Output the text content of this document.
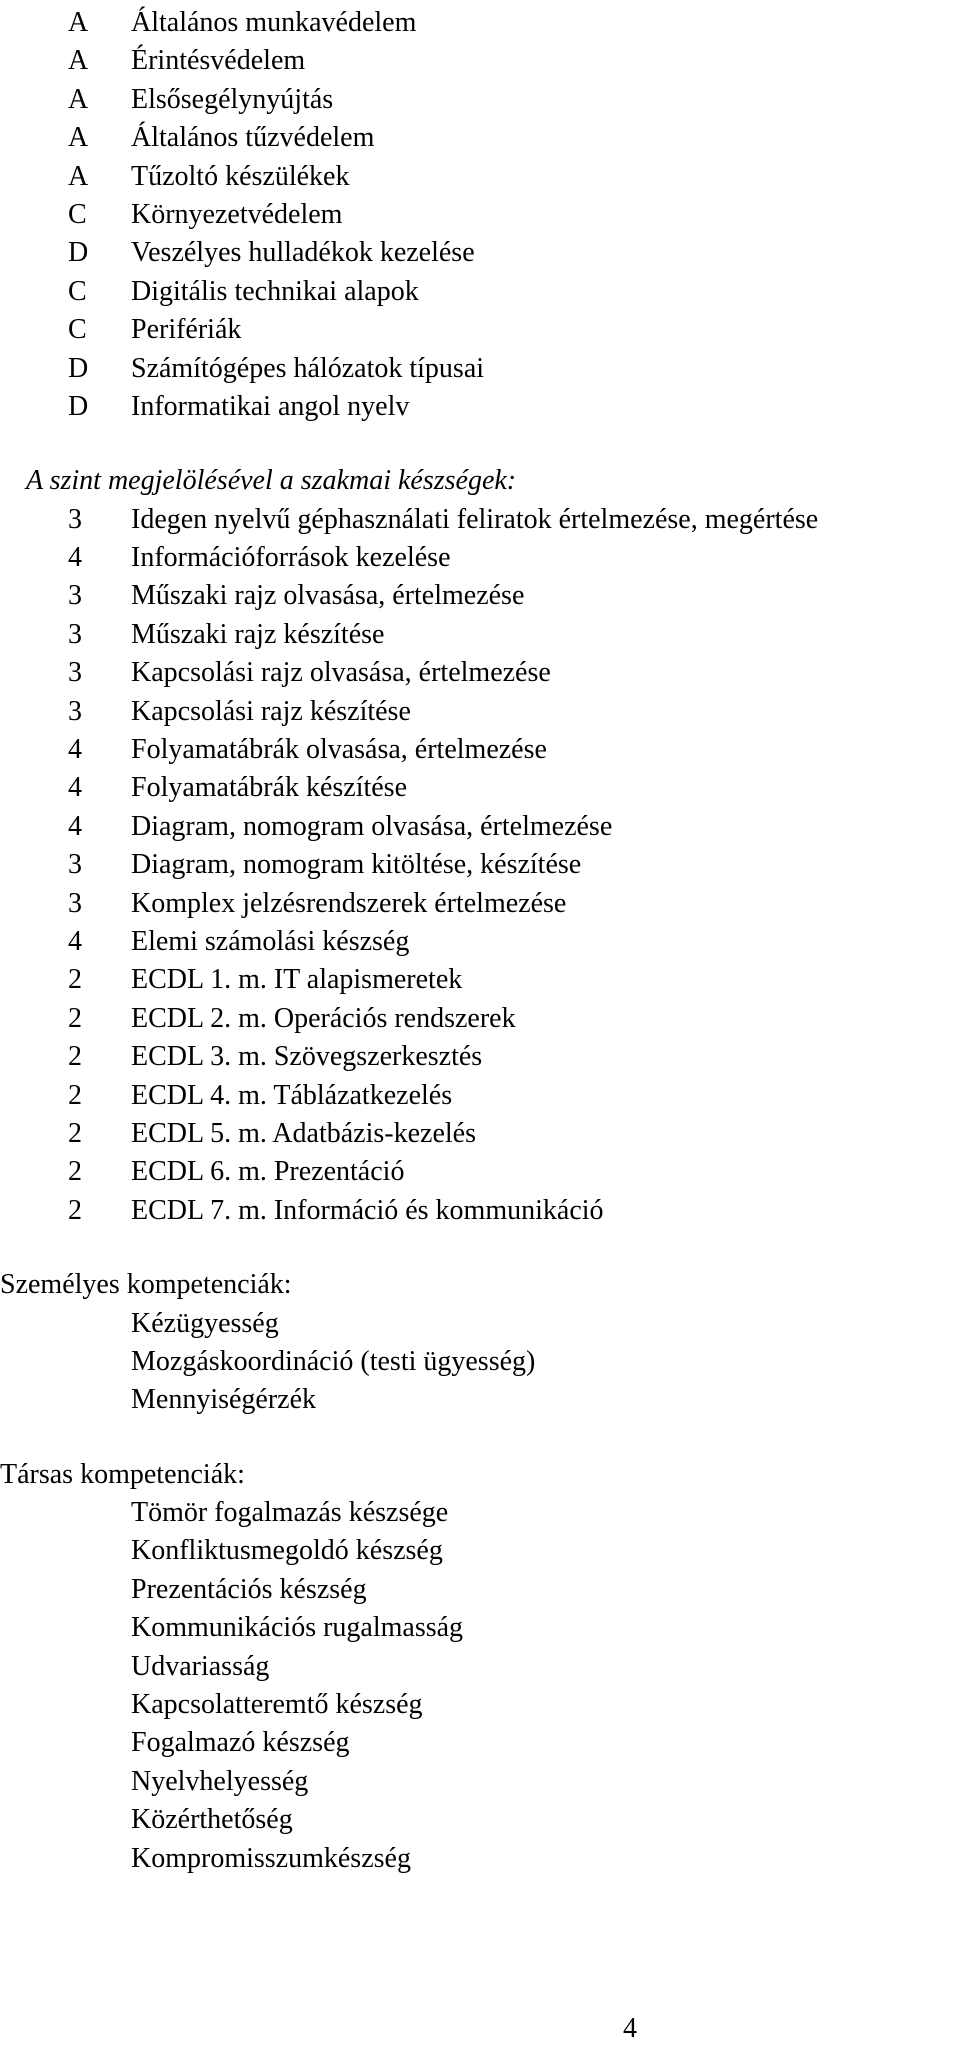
A	Általános munkavédelem
A	Érintésvédelem
A	Elsősegélynyújtás
A	Általános tűzvédelem
A	Tűzoltó készülékek
C	Környezetvédelem
D	Veszélyes hulladékok kezelése
C	Digitális technikai alapok
C	Perifériák
D	Számítógépes hálózatok típusai
D	Informatikai angol nyelv
A szint megjelölésével a szakmai készségek:
3	Idegen nyelvű géphasználati feliratok értelmezése, megértése
4	Információforrások kezelése
3	Műszaki rajz olvasása, értelmezése
3	Műszaki rajz készítése
3	Kapcsolási rajz olvasása, értelmezése
3	Kapcsolási rajz készítése
4	Folyamatábrák olvasása, értelmezése
4	Folyamatábrák készítése
4	Diagram, nomogram olvasása, értelmezése
3	Diagram, nomogram kitöltése, készítése
3	Komplex jelzésrendszerek értelmezése
4	Elemi számolási készség
2	ECDL 1. m. IT alapismeretek
2	ECDL 2. m. Operációs rendszerek
2	ECDL 3. m. Szövegszerkesztés
2	ECDL 4. m. Táblázatkezelés
2	ECDL 5. m. Adatbázis-kezelés
2	ECDL 6. m. Prezentáció
2	ECDL 7. m. Információ és kommunikáció
Személyes kompetenciák:
Kézügyesség
Mozgáskoordináció (testi ügyesség)
Mennyiségérzék
Társas kompetenciák:
Tömör fogalmazás készsége
Konfliktusmegoldó készség
Prezentációs készség
Kommunikációs rugalmasság
Udvariasság
Kapcsolatteremtő készség
Fogalmazó készség
Nyelvhelyesség
Közérthetőség
Kompromisszumkészség
4
